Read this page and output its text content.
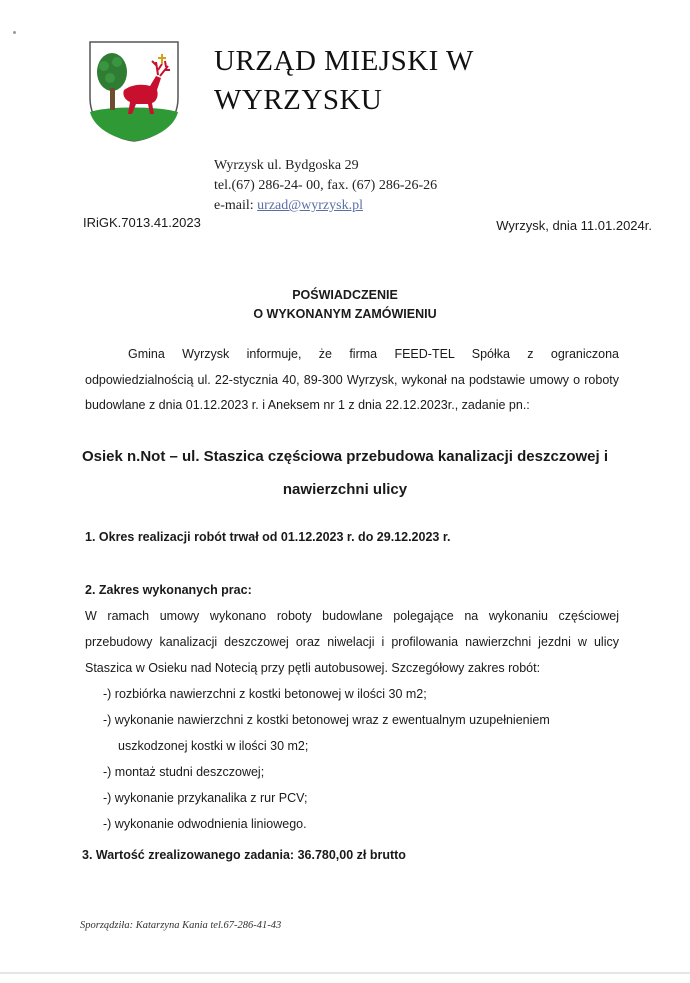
URZĄD MIEJSKI W
WYRZYSKU
Wyrzysk ul. Bydgoska 29
tel.(67) 286-24- 00, fax. (67) 286-26-26
e-mail: urzad@wyrzysk.pl
IRiGK.7013.41.2023	Wyrzysk, dnia 11.01.2024r.
POŚWIADCZENIE
O WYKONANYM ZAMÓWIENIU
Gmina Wyrzysk informuje, że firma FEED-TEL Spółka z ograniczona odpowiedzialnością ul. 22-stycznia 40, 89-300 Wyrzysk, wykonał na podstawie umowy o roboty budowlane z dnia 01.12.2023 r. i Aneksem nr 1 z dnia 22.12.2023r., zadanie pn.:
Osiek n.Not – ul. Staszica częściowa przebudowa kanalizacji deszczowej i
nawierzchni ulicy
1. Okres realizacji robót trwał od 01.12.2023 r. do 29.12.2023 r.
2. Zakres wykonanych prac:
W ramach umowy wykonano roboty budowlane polegające na wykonaniu częściowej przebudowy kanalizacji deszczowej oraz niwelacji i profilowania nawierzchni jezdni w ulicy Staszica w Osieku nad Notecią przy pętli autobusowej. Szczegółowy zakres robót:
-) rozbiórka nawierzchni z kostki betonowej w ilości 30 m2;
-) wykonanie nawierzchni z kostki betonowej wraz z ewentualnym uzupełnieniem
uszkodzonej kostki w ilości 30 m2;
-) montaż studni deszczowej;
-) wykonanie przykanalika z rur PCV;
-) wykonanie odwodnienia liniowego.
3. Wartość zrealizowanego zadania: 36.780,00 zł brutto
Sporządziła: Katarzyna Kania tel.67-286-41-43
